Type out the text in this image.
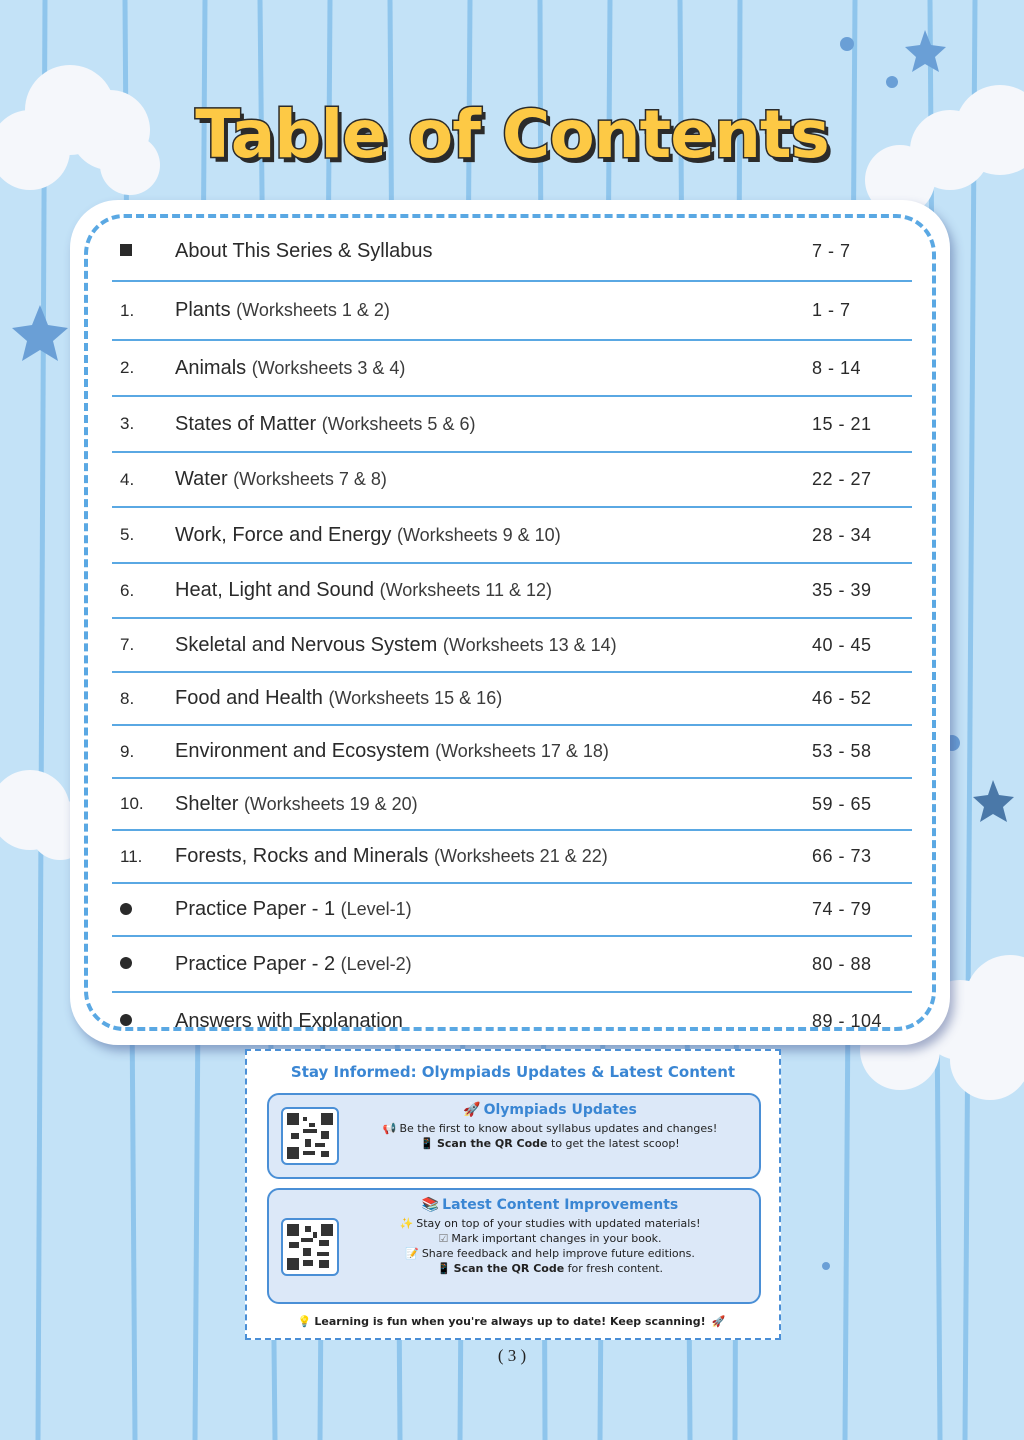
Table of Contents
About This Series & Syllabus	7 - 7
1.	Plants (Worksheets 1 & 2)	1 - 7
2.	Animals (Worksheets 3 & 4)	8 - 14
3.	States of Matter (Worksheets 5 & 6)	15 - 21
4.	Water (Worksheets 7 & 8)	22 - 27
5.	Work, Force and Energy (Worksheets 9 & 10)	28 - 34
6.	Heat, Light and Sound (Worksheets 11 & 12)	35 - 39
7.	Skeletal and Nervous System (Worksheets 13 & 14)	40 - 45
8.	Food and Health (Worksheets 15 & 16)	46 - 52
9.	Environment and Ecosystem (Worksheets 17 & 18)	53 - 58
10.	Shelter (Worksheets 19 & 20)	59 - 65
11.	Forests, Rocks and Minerals (Worksheets 21 & 22)	66 - 73
Practice Paper - 1 (Level-1)	74 - 79
Practice Paper - 2 (Level-2)	80 - 88
Answers with Explanation	89 - 104
Stay Informed: Olympiads Updates & Latest Content
🚀 Olympiads Updates
📢 Be the first to know about syllabus updates and changes!
📱 Scan the QR Code to get the latest scoop!
📚 Latest Content Improvements
✨ Stay on top of your studies with updated materials!
☑ Mark important changes in your book.
📝 Share feedback and help improve future editions.
📱 Scan the QR Code for fresh content.
💡 Learning is fun when you're always up to date! Keep scanning! 🚀
( 3 )
